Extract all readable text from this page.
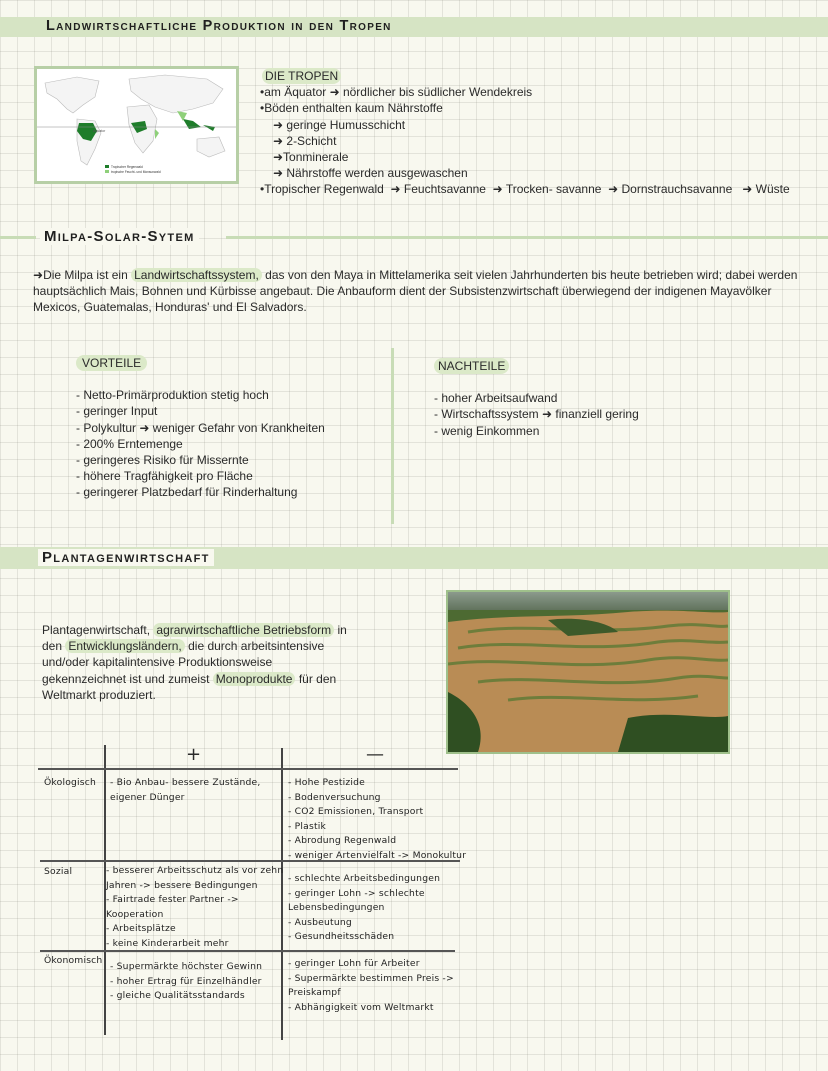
Landwirtschaftliche Produktion in den Tropen
Äquator
Tropischer Regenwald
tropische Feucht- und Monsunwald
DIE TROPEN
•am Äquator ➜ nördlicher bis südlicher Wendekreis
•Böden enthalten kaum Nährstoffe
➜ geringe Humusschicht
➜ 2-Schicht
➜Tonminerale
➜ Nährstoffe werden ausgewaschen
•Tropischer Regenwald  ➜ Feuchtsavanne  ➜ Trocken- savanne  ➜ Dornstrauchsavanne   ➜ Wüste
Milpa-Solar-Sytem
➜Die Milpa ist ein Landwirtschaftssystem, das von den Maya in Mittelamerika seit vielen Jahrhunderten bis heute betrieben wird; dabei werden hauptsächlich Mais, Bohnen und Kürbisse angebaut. Die Anbauform dient der Subsistenzwirtschaft überwiegend der indigenen Mayavölker Mexicos, Guatemalas, Honduras' und El Salvadors.
VORTEILE
- Netto-Primärproduktion stetig hoch
- geringer Input
- Polykultur ➜ weniger Gefahr von Krankheiten
- 200% Erntemenge
- geringeres Risiko für Missernte
- höhere Tragfähigkeit pro Fläche
- geringerer Platzbedarf für Rinderhaltung
NACHTEILE
- hoher Arbeitsaufwand
- Wirtschaftssystem ➜ finanziell gering
- wenig Einkommen
Plantagenwirtschaft
Plantagenwirtschaft, agrarwirtschaftliche Betriebsform in den Entwicklungsländern, die durch arbeitsintensive und/oder kapitalintensive Produktionsweise gekennzeichnet ist und zumeist Monoprodukte für den Weltmarkt produziert.
+	—
Ökologisch - Bio Anbau- bessere Zustände,
eigener Dünger
- Hohe Pestizide
- Bodenversuchung
- CO2 Emissionen, Transport
- Plastik
- Abrodung Regenwald
- weniger Artenvielfalt -> Monokultur
Sozial	- besserer Arbeitsschutz als vor zehn
Jahren -> bessere Bedingungen
- Fairtrade fester Partner ->
Kooperation
- Arbeitsplätze
- keine Kinderarbeit mehr
- schlechte Arbeitsbedingungen
- geringer Lohn -> schlechte
Lebensbedingungen
- Ausbeutung
- Gesundheitsschäden
Ökonomisch
- Supermärkte höchster Gewinn
- hoher Ertrag für Einzelhändler
- gleiche Qualitätsstandards
- geringer Lohn für Arbeiter
- Supermärkte bestimmen Preis ->
Preiskampf
- Abhängigkeit vom Weltmarkt
